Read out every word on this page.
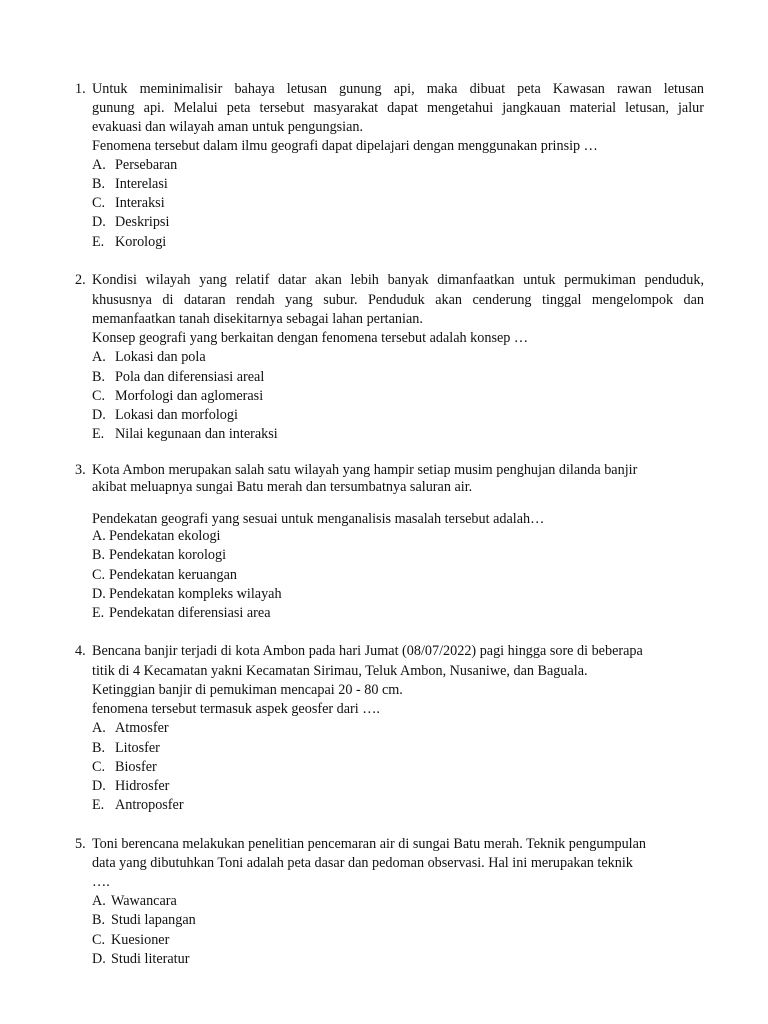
1. Untuk meminimalisir bahaya letusan gunung api, maka dibuat peta Kawasan rawan letusan
gunung api. Melalui peta tersebut masyarakat dapat mengetahui jangkauan material letusan, jalur
evakuasi dan wilayah aman untuk pengungsian.
Fenomena tersebut dalam ilmu geografi dapat dipelajari dengan menggunakan prinsip …
A. Persebaran
B. Interelasi
C. Interaksi
D. Deskripsi
E. Korologi
2. Kondisi wilayah yang relatif datar akan lebih banyak dimanfaatkan untuk permukiman penduduk,
khususnya di dataran rendah yang subur. Penduduk akan cenderung tinggal mengelompok dan
memanfaatkan tanah disekitarnya sebagai lahan pertanian.
Konsep geografi yang berkaitan dengan fenomena tersebut adalah konsep …
A. Lokasi dan pola
B. Pola dan diferensiasi areal
C. Morfologi dan aglomerasi
D. Lokasi dan morfologi
E. Nilai kegunaan dan interaksi
3. Kota Ambon merupakan salah satu wilayah yang hampir setiap musim penghujan dilanda banjir
akibat meluapnya sungai Batu merah dan tersumbatnya saluran air.
Pendekatan geografi yang sesuai untuk menganalisis masalah tersebut adalah…
A. Pendekatan ekologi
B. Pendekatan korologi
C. Pendekatan keruangan
D. Pendekatan kompleks wilayah
E. Pendekatan diferensiasi area
4. Bencana banjir terjadi di kota Ambon pada hari Jumat (08/07/2022) pagi hingga sore di beberapa
titik di 4 Kecamatan yakni Kecamatan Sirimau, Teluk Ambon, Nusaniwe, dan Baguala.
Ketinggian banjir di pemukiman mencapai 20 - 80 cm.
fenomena tersebut termasuk aspek geosfer dari ….
A. Atmosfer
B. Litosfer
C. Biosfer
D. Hidrosfer
E. Antroposfer
5. Toni berencana melakukan penelitian pencemaran air di sungai Batu merah. Teknik pengumpulan
data yang dibutuhkan Toni adalah peta dasar dan pedoman observasi. Hal ini merupakan teknik
….
A. Wawancara
B. Studi lapangan
C. Kuesioner
D. Studi literatur
